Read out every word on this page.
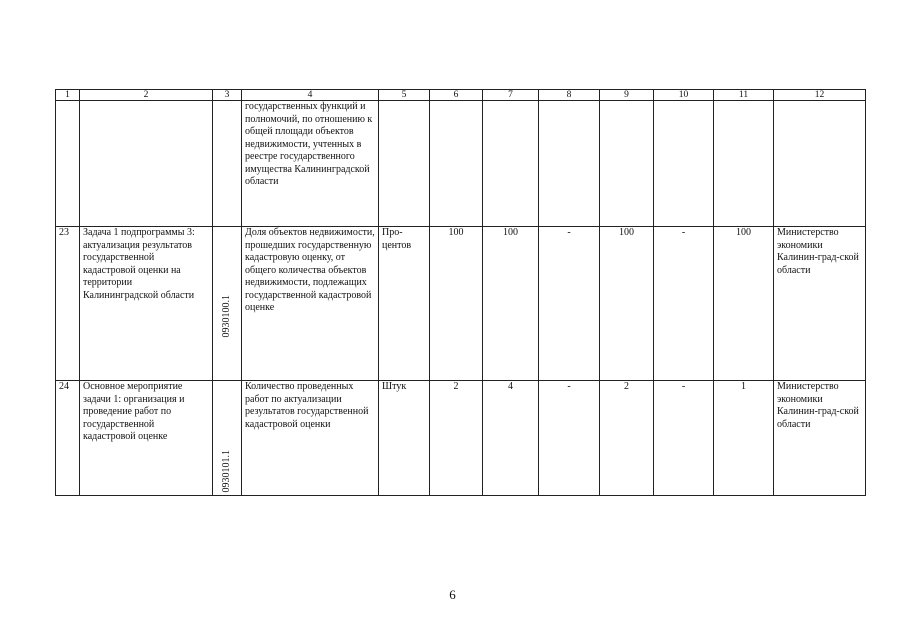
1	2	3	4	5	6	7	8	9	10	11	12
			государственных функций и полномочий, по отношению к общей площади объектов недвижимости, учтенных в реестре государственного имущества Калининградской области								
23	Задача 1 подпрограммы 3: актуализация результатов государственной кадастровой оценки на территории Калининградской области	0930100.1	Доля объектов недвижимости, прошедших государственную кадастровую оценку, от общего количества объектов недвижимости, подлежащих государственной кадастровой оценке	Про-центов	100	100	-	100	-	100	Министерство экономики Калинин-град-ской области
24	Основное мероприятие задачи 1: организация и проведение работ по государственной кадастровой оценке	0930101.1	Количество проведенных работ по актуализации результатов государственной кадастровой оценки	Штук	2	4	-	2	-	1	Министерство экономики Калинин-град-ской области
6
